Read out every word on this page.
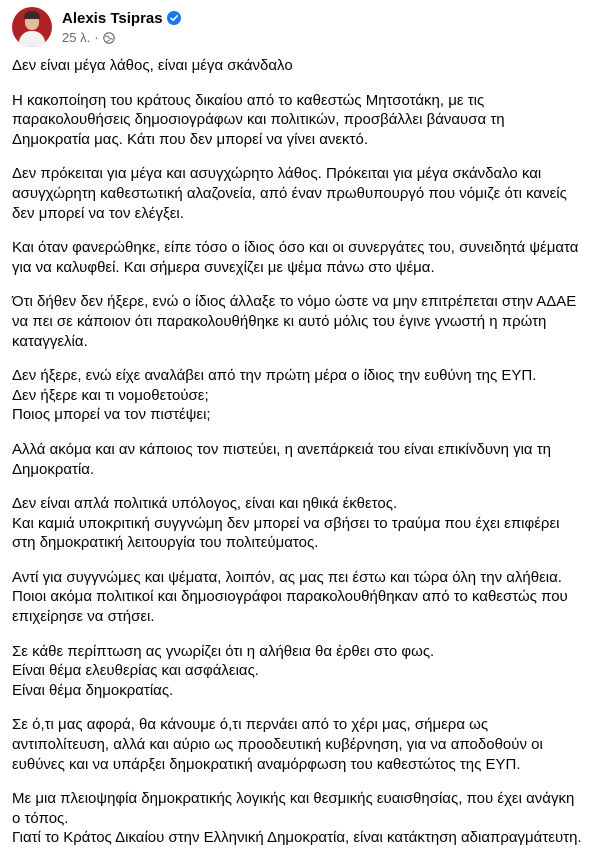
Alexis Tsipras
25 λ. ·
Δεν είναι μέγα λάθος, είναι μέγα σκάνδαλο
Η κακοποίηση του κράτους δικαίου από το καθεστώς Μητσοτάκη, με τις παρακολουθήσεις δημοσιογράφων και πολιτικών, προσβάλλει βάναυσα τη Δημοκρατία μας. Κάτι που δεν μπορεί να γίνει ανεκτό.
Δεν πρόκειται για μέγα και ασυγχώρητο λάθος. Πρόκειται για μέγα σκάνδαλο και ασυγχώρητη καθεστωτική αλαζονεία, από έναν πρωθυπουργό που νόμιζε ότι κανείς δεν μπορεί να τον ελέγξει.
Και όταν φανερώθηκε, είπε τόσο ο ίδιος όσο και οι συνεργάτες του, συνειδητά ψέματα για να καλυφθεί. Και σήμερα συνεχίζει με ψέμα πάνω στο ψέμα.
Ότι δήθεν δεν ήξερε, ενώ ο ίδιος άλλαξε το νόμο ώστε να μην επιτρέπεται στην ΑΔΑΕ να πει σε κάποιον ότι παρακολουθήθηκε κι αυτό μόλις του έγινε γνωστή η πρώτη καταγγελία.
Δεν ήξερε, ενώ είχε αναλάβει από την πρώτη μέρα ο ίδιος την ευθύνη της ΕΥΠ.
Δεν ήξερε και τι νομοθετούσε;
Ποιος μπορεί να τον πιστέψει;
Αλλά ακόμα και αν κάποιος τον πιστεύει, η ανεπάρκειά του είναι επικίνδυνη για τη Δημοκρατία.
Δεν είναι απλά πολιτικά υπόλογος, είναι και ηθικά έκθετος.
Και καμιά υποκριτική συγγνώμη δεν μπορεί να σβήσει το τραύμα που έχει επιφέρει στη δημοκρατική λειτουργία του πολιτεύματος.
Αντί για συγγνώμες και ψέματα, λοιπόν, ας μας πει έστω και τώρα όλη την αλήθεια.
Ποιοι ακόμα πολιτικοί και δημοσιογράφοι παρακολουθήθηκαν από το καθεστώς που επιχείρησε να στήσει.
Σε κάθε περίπτωση ας γνωρίζει ότι η αλήθεια θα έρθει στο φως.
Είναι θέμα ελευθερίας και ασφάλειας.
Είναι θέμα δημοκρατίας.
Σε ό,τι μας αφορά, θα κάνουμε ό,τι περνάει από το χέρι μας, σήμερα ως αντιπολίτευση, αλλά και αύριο ως προοδευτική κυβέρνηση, για να αποδοθούν οι ευθύνες και να υπάρξει δημοκρατική αναμόρφωση του καθεστώτος της ΕΥΠ.
Με μια πλειοψηφία δημοκρατικής λογικής και θεσμικής ευαισθησίας, που έχει ανάγκη ο τόπος.
Γιατί το Κράτος Δικαίου στην Ελληνική Δημοκρατία, είναι κατάκτηση αδιαπραγμάτευτη.
